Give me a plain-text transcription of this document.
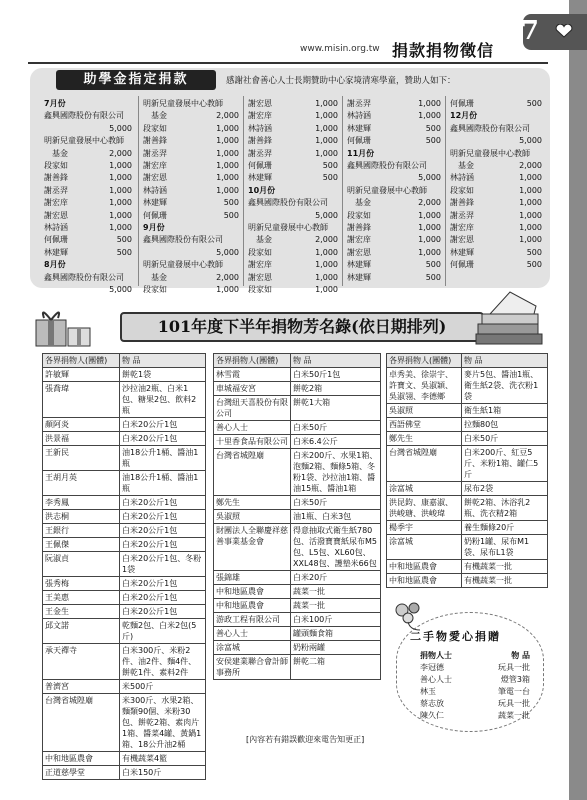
7
www.misin.org.tw 捐款捐物徵信
助學金指定捐款	感謝社會善心人士長期贊助中心家境清寒學童，贊助人如下：
7月份
鑫興國際股份有限公司
5,000
明新兒童發展中心教師
基金	2,000
段家如	1,000
謝善鋒	1,000
謝丞羿	1,000
謝宏庠	1,000
謝宏恩	1,000
林詩涵	1,000
何佩珊	500
林建輝	500
8月份
鑫興國際股份有限公司
5,000
明新兒童發展中心教師
基金	2,000
段家如	1,000
謝善鋒	1,000
謝丞羿	1,000
謝宏庠	1,000
謝宏恩	1,000
林詩涵	1,000
林建輝	500
何佩珊	500
9月份
鑫興國際股份有限公司
5,000
明新兒童發展中心教師
基金	2,000
段家如	1,000
謝宏恩	1,000
謝宏庠	1,000
林詩涵	1,000
謝善鋒	1,000
謝丞羿	1,000
何佩珊	500
林建輝	500
10月份
鑫興國際股份有限公司
5,000
明新兒童發展中心教師
基金	2,000
段家如	1,000
謝宏庠	1,000
謝宏恩	1,000
段家如	1,000
謝丞羿	1,000
林詩涵	1,000
林建輝	500
何佩珊	500
11月份
鑫興國際股份有限公司
5,000
明新兒童發展中心教師
基金	2,000
段家如	1,000
謝善鋒	1,000
謝宏庠	1,000
謝宏恩	1,000
林建輝	500
林建輝	500
何佩珊	500
12月份
鑫興國際股份有限公司
5,000
明新兒童發展中心教師
基金	2,000
林詩涵	1,000
段家如	1,000
謝善鋒	1,000
謝丞羿	1,000
謝宏庠	1,000
謝宏恩	1,000
林建輝	500
何佩珊	500
101年度下半年捐物芳名錄(依日期排列)
各界捐物人(團體)	物 品
許敏輝	餅乾1袋
張喬瑋	沙拉油2瓶、白米1包、糖果2包、飲料2瓶
顏阿炎	白米20公斤1包
洪景福	白米20公斤1包
王新民	油18公升1桶、醬油1瓶
王胡月英	油18公升1桶、醬油1瓶
李秀鳳	白米20公斤1包
洪志桐	白米20公斤1包
王銀行	白米20公斤1包
王佩傑	白米20公斤1包
阮淑貞	白米20公斤1包、冬粉1袋
張秀梅	白米20公斤1包
王美惠	白米20公斤1包
王金生	白米20公斤1包
邱文諾	乾麵2包、白米2包(5斤)
承天禪寺	白米300斤、米粉2件、油2件、麵4件、餅乾1件、素料2件
普濟宮	米500斤
台灣省城隍廟	米300斤、水果2箱、麵類90個、米粉30包、餅乾2箱、素肉片1箱、醬菜4罐、黃鍋1箱、18公升油2桶
中和地區農會	有機蔬菜4籃
正道慈學堂	白米150斤
各界捐物人(團體)	物 品
林雪霞	白米50斤1包
車城福安宮	餅乾2箱
台灣紐天喜股份有限公司	餅乾1大箱
善心人士	白米50斤
十里香食品有限公司	白米6.4公斤
台灣省城隍廟	白米200斤、水果1箱、泡麵2箱、麵條5箱、冬粉1袋、沙拉油1箱、醬油15瓶、醬油1箱
鄭先生	白米50斤
吳淑照	油1瓶、白米3包
財團法人全聯慶祥慈善事業基金會	得意抽取式衛生紙780包、活潑寶寶紙尿布M5包、L5包、XL60包、XXL48包、護墊米66包
張錦雄	白米20斤
中和地區農會	蔬菜一批
中和地區農會	蔬菜一批
游政工程有限公司	白米100斤
善心人士	罐頭麵食箱
涂富城	奶粉兩罐
安侯建業聯合會計師事務所	餅乾二箱
各界捐物人(團體)	物 品
卓秀美、徐崇宇、許寶文、吳淑穎、吳淑翎、李德鄉	麥片5包、醬油1瓶、衛生紙2袋、洗衣粉1袋
吳淑照	衛生紙1箱
西語佛堂	拉麵80包
鄭先生	白米50斤
台灣省城隍廟	白米200斤、紅豆5斤、米粉1箱、罐仁5斤
涂富城	尿布2袋
洪昆鈞、康嘉淑、洪峻瑭、洪峻瑋	餅乾2箱、沐浴乳2瓶、洗衣精2箱
楊季宇	養生麵條20斤
涂富城	奶粉1罐、尿布M1袋、尿布L1袋
中和地區農會	有機蔬菜一批
中和地區農會	有機蔬菜一批
[內容若有錯誤歡迎來電告知更正]
二手物愛心捐贈
捐物人士	物 品
李冠德	玩具一批
善心人士	燈管3箱
林玉	筆電一台
蔡志放	玩具一批
陳久仁	蔬菜一批
